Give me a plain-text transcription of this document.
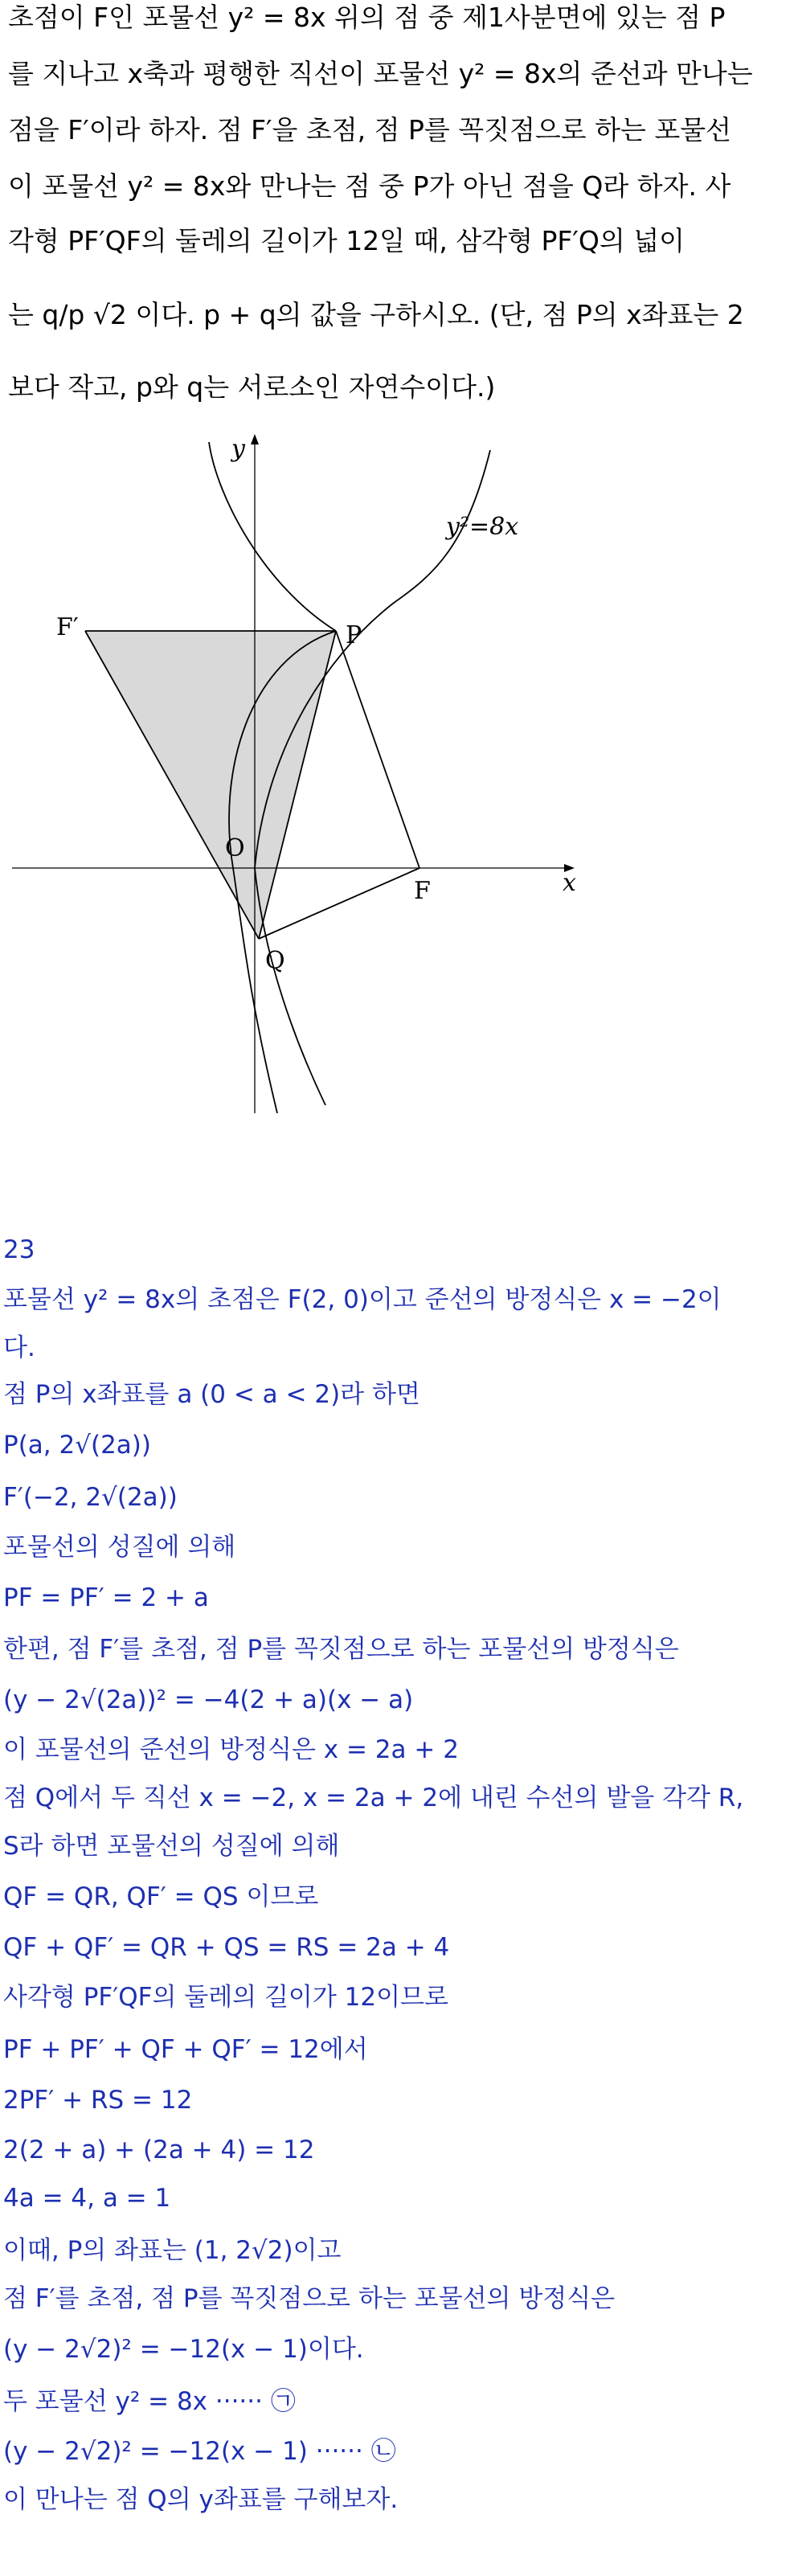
초점이 F인 포물선 y² = 8x 위의 점 중 제1사분면에 있는 점 P
를 지나고 x축과 평행한 직선이 포물선 y² = 8x의 준선과 만나는
점을 F′이라 하자. 점 F′을 초점, 점 P를 꼭짓점으로 하는 포물선
이 포물선 y² = 8x와 만나는 점 중 P가 아닌 점을 Q라 하자. 사
각형 PF′QF의 둘레의 길이가 12일 때, 삼각형 PF′Q의 넓이
는 q/p √2 이다. p + q의 값을 구하시오. (단, 점 P의 x좌표는 2
보다 작고, p와 q는 서로소인 자연수이다.)
y
x
O
y²=8x
F′	P
F
Q
23
포물선 y² = 8x의 초점은 F(2, 0)이고 준선의 방정식은 x = −2이
다.
점 P의 x좌표를 a (0 < a < 2)라 하면
P(a, 2√(2a))
F′(−2, 2√(2a))
포물선의 성질에 의해
PF = PF′ = 2 + a
한편, 점 F′를 초점, 점 P를 꼭짓점으로 하는 포물선의 방정식은
(y − 2√(2a))² = −4(2 + a)(x − a)
이 포물선의 준선의 방정식은 x = 2a + 2
점 Q에서 두 직선 x = −2, x = 2a + 2에 내린 수선의 발을 각각 R,
S라 하면 포물선의 성질에 의해
QF = QR, QF′ = QS 이므로
QF + QF′ = QR + QS = RS = 2a + 4
사각형 PF′QF의 둘레의 길이가 12이므로
PF + PF′ + QF + QF′ = 12에서
2PF′ + RS = 12
2(2 + a) + (2a + 4) = 12
4a = 4, a = 1
이때, P의 좌표는 (1, 2√2)이고
점 F′를 초점, 점 P를 꼭짓점으로 하는 포물선의 방정식은
(y − 2√2)² = −12(x − 1)이다.
두 포물선 y² = 8x ······ ㉠
(y − 2√2)² = −12(x − 1) ······ ㉡
이 만나는 점 Q의 y좌표를 구해보자.
